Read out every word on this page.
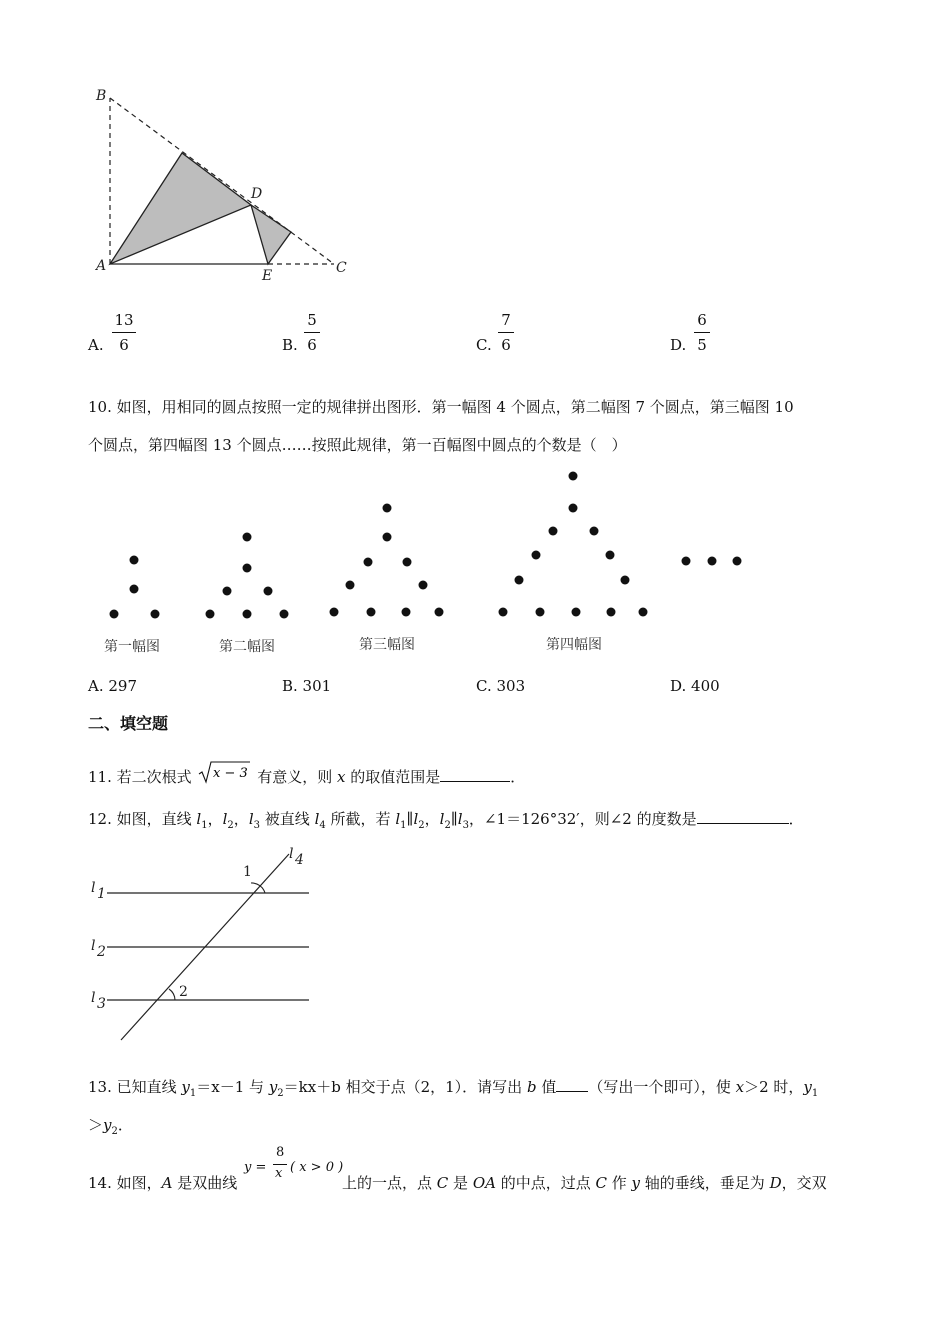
B
A
D
E	C
A.
13
6	B.
5
6	C.
7
6	D.
6
5
10. 如图，用相同的圆点按照一定的规律拼出图形．第一幅图 4 个圆点，第二幅图 7 个圆点，第三幅图 10
个圆点，第四幅图 13 个圆点……按照此规律，第一百幅图中圆点的个数是（　）
第一幅图	第二幅图	第三幅图	第四幅图
A. 297	B. 301	C. 303	D. 400
二、填空题
11. 若二次根式 x − 3 有意义，则 x 的取值范围是	．
12. 如图，直线 $l_1$，$l_2$，$l_3$ 被直线 $l_4$ 所截，若 $l_1\parallel l_2$，$l_2\parallel l_3$，∠1＝126°32′，则∠2 的度数是	．
1
2
l 1
l 2
l 3
l 4
13. 已知直线 $y_1=x-1$ 与 $y_2=kx+b$ 相交于点（2，1）．请写出 b 值 （写出一个即可），使 x＞2 时，$y_1$
$>y_2$．
14. 如图，A 是双曲线
y =
8
x ( x > 0 )
上的一点，点 C 是 OA 的中点，过点 C 作 y 轴的垂线，垂足为 D，交双
